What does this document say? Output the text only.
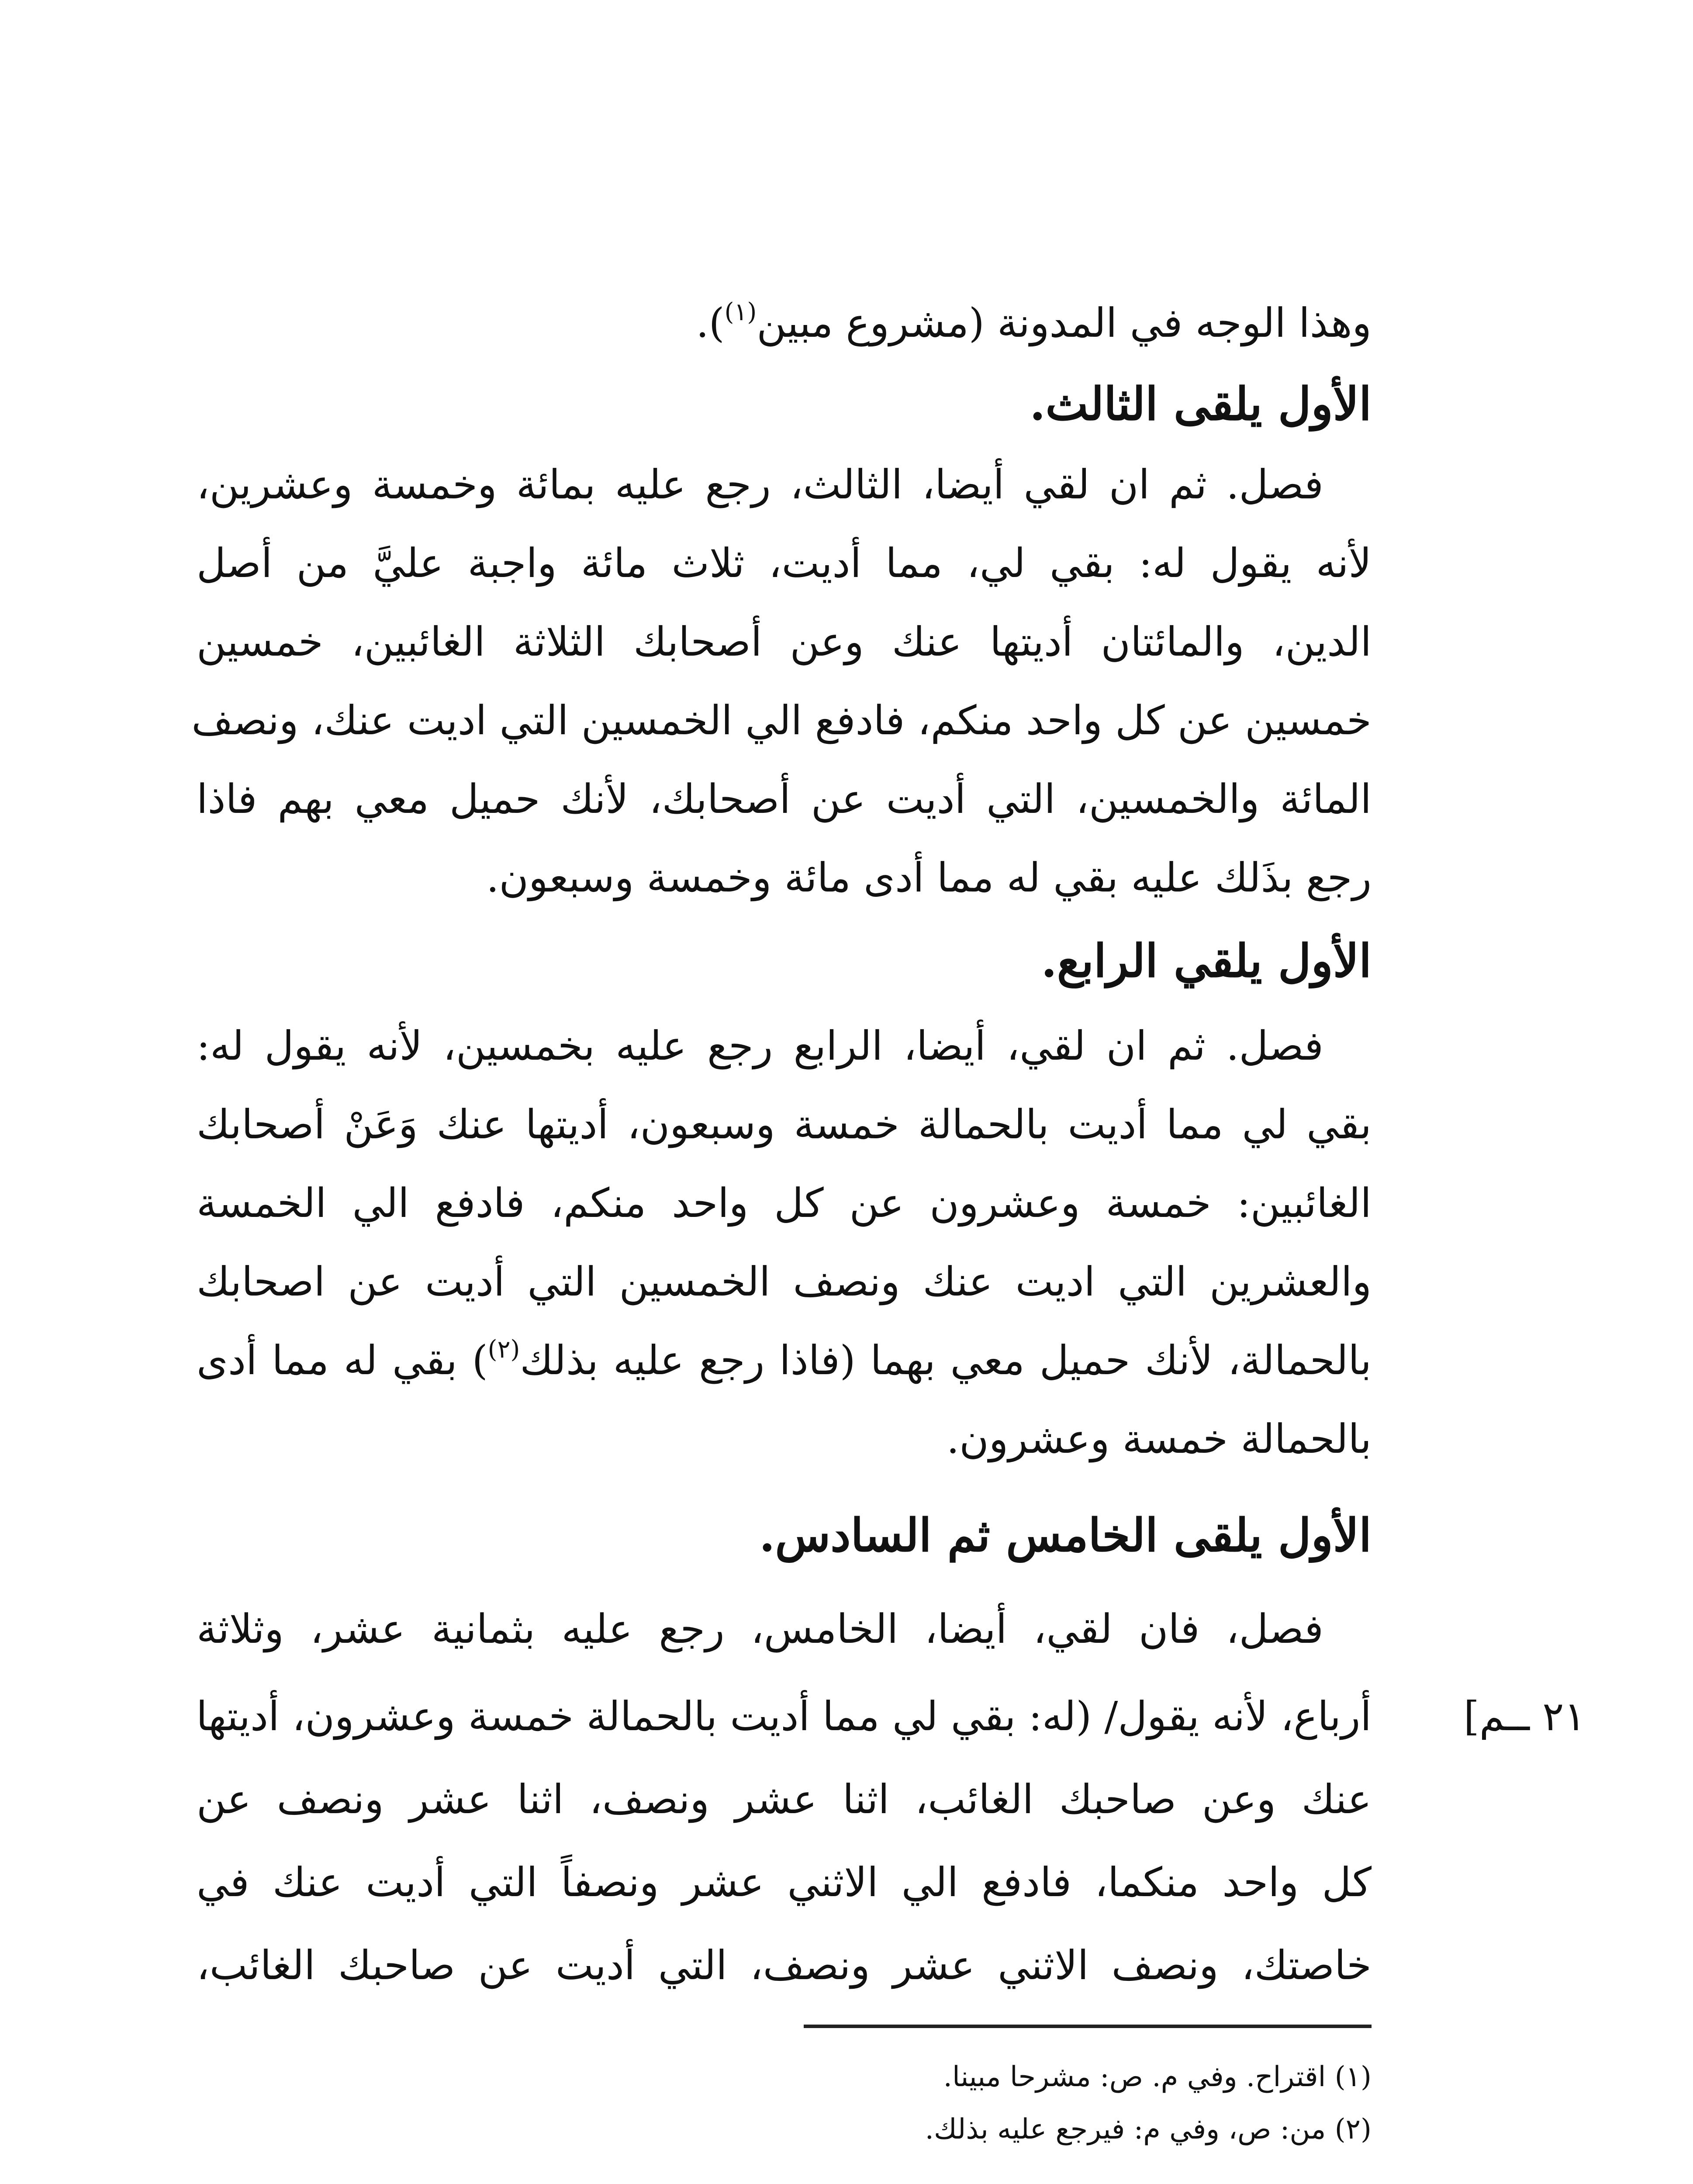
وهذا الوجه في المدونة (مشروع مبين$^{(١)}$).
الأول يلقى الثالث.
فصل. ثم ان لقي أيضا، الثالث، رجع عليه بمائة وخمسة وعشرين،
لأنه يقول له: بقي لي، مما أديت، ثلاث مائة واجبة عليَّ من أصل
الدين، والمائتان أديتها عنك وعن أصحابك الثلاثة الغائبين، خمسين
خمسين عن كل واحد منكم، فادفع الي الخمسين التي اديت عنك، ونصف
المائة والخمسين، التي أديت عن أصحابك، لأنك حميل معي بهم فاذا
رجع بذَلك عليه بقي له مما أدى مائة وخمسة وسبعون.
الأول يلقي الرابع.
فصل. ثم ان لقي، أيضا، الرابع رجع عليه بخمسين، لأنه يقول له:
بقي لي مما أديت بالحمالة خمسة وسبعون، أديتها عنك وَعَنْ أصحابك
الغائبين: خمسة وعشرون عن كل واحد منكم، فادفع الي الخمسة
والعشرين التي اديت عنك ونصف الخمسين التي أديت عن اصحابك
بالحمالة، لأنك حميل معي بهما (فاذا رجع عليه بذلك$^{(٢)}$) بقي له مما أدى
بالحمالة خمسة وعشرون.
الأول يلقى الخامس ثم السادس.
فصل، فان لقي، أيضا، الخامس، رجع عليه بثمانية عشر، وثلاثة
أرباع، لأنه يقول/ (له: بقي لي مما أديت بالحمالة خمسة وعشرون، أديتها
عنك وعن صاحبك الغائب، اثنا عشر ونصف، اثنا عشر ونصف عن
كل واحد منكما، فادفع الي الاثني عشر ونصفاً التي أديت عنك في
خاصتك، ونصف الاثني عشر ونصف، التي أديت عن صاحبك الغائب،
٢١ ــم]
(١) اقتراح. وفي م. ص: مشرحا مبينا.
(٢) من: ص، وفي م: فيرجع عليه بذلك.
